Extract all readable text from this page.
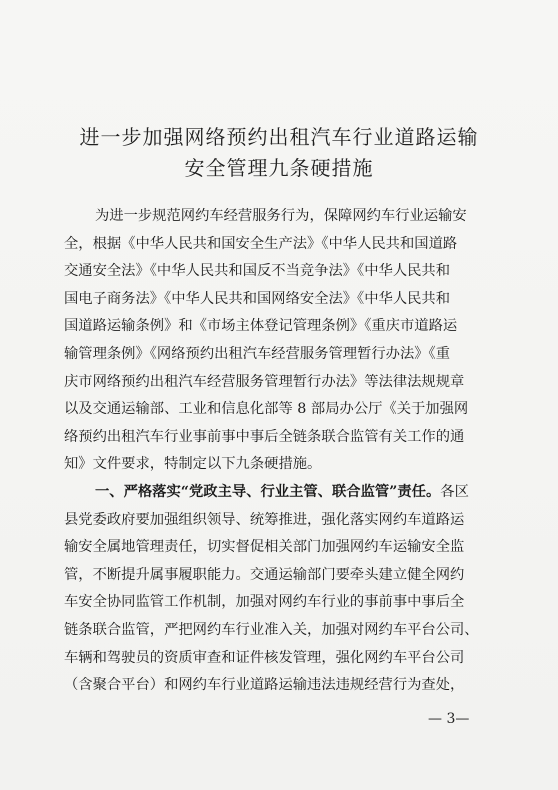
进一步加强网络预约出租汽车行业道路运输
安全管理九条硬措施
为进一步规范网约车经营服务行为，保障网约车行业运输安
全，根据《中华人民共和国安全生产法》《中华人民共和国道路
交通安全法》《中华人民共和国反不当竞争法》《中华人民共和
国电子商务法》《中华人民共和国网络安全法》《中华人民共和
国道路运输条例》和《市场主体登记管理条例》《重庆市道路运
输管理条例》《网络预约出租汽车经营服务管理暂行办法》《重
庆市网络预约出租汽车经营服务管理暂行办法》等法律法规规章
以及交通运输部、工业和信息化部等 8 部局办公厅《关于加强网
络预约出租汽车行业事前事中事后全链条联合监管有关工作的通
知》文件要求，特制定以下九条硬措施。
一、严格落实“党政主导、行业主管、联合监管”责任。各区
县党委政府要加强组织领导、统筹推进，强化落实网约车道路运
输安全属地管理责任，切实督促相关部门加强网约车运输安全监
管，不断提升属事履职能力。交通运输部门要牵头建立健全网约
车安全协同监管工作机制，加强对网约车行业的事前事中事后全
链条联合监管，严把网约车行业准入关，加强对网约车平台公司、
车辆和驾驶员的资质审查和证件核发管理，强化网约车平台公司
（含聚合平台）和网约车行业道路运输违法违规经营行为查处，
— 3—
